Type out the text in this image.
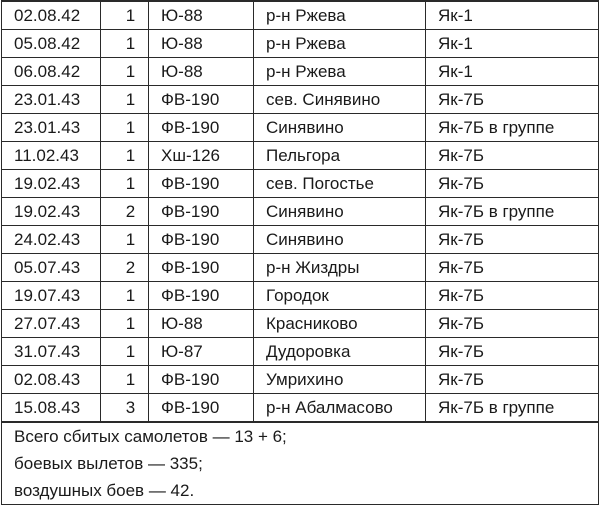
02.08.42	1	Ю-88	р-н Ржева	Як-1
05.08.42	1	Ю-88	р-н Ржева	Як-1
06.08.42	1	Ю-88	р-н Ржева	Як-1
23.01.43	1	ФВ-190	сев. Синявино	Як-7Б
23.01.43	1	ФВ-190	Синявино	Як-7Б в группе
11.02.43	1	Хш-126	Пельгора	Як-7Б
19.02.43	1	ФВ-190	сев. Погостье	Як-7Б
19.02.43	2	ФВ-190	Синявино	Як-7Б в группе
24.02.43	1	ФВ-190	Синявино	Як-7Б
05.07.43	2	ФВ-190	р-н Жиздры	Як-7Б
19.07.43	1	ФВ-190	Городок	Як-7Б
27.07.43	1	Ю-88	Красниково	Як-7Б
31.07.43	1	Ю-87	Дудоровка	Як-7Б
02.08.43	1	ФВ-190	Умрихино	Як-7Б
15.08.43	3	ФВ-190	р-н Абалмасово	Як-7Б в группе

Всего сбитых самолетов — 13 + 6;
боевых вылетов — 335;
воздушных боев — 42.				
